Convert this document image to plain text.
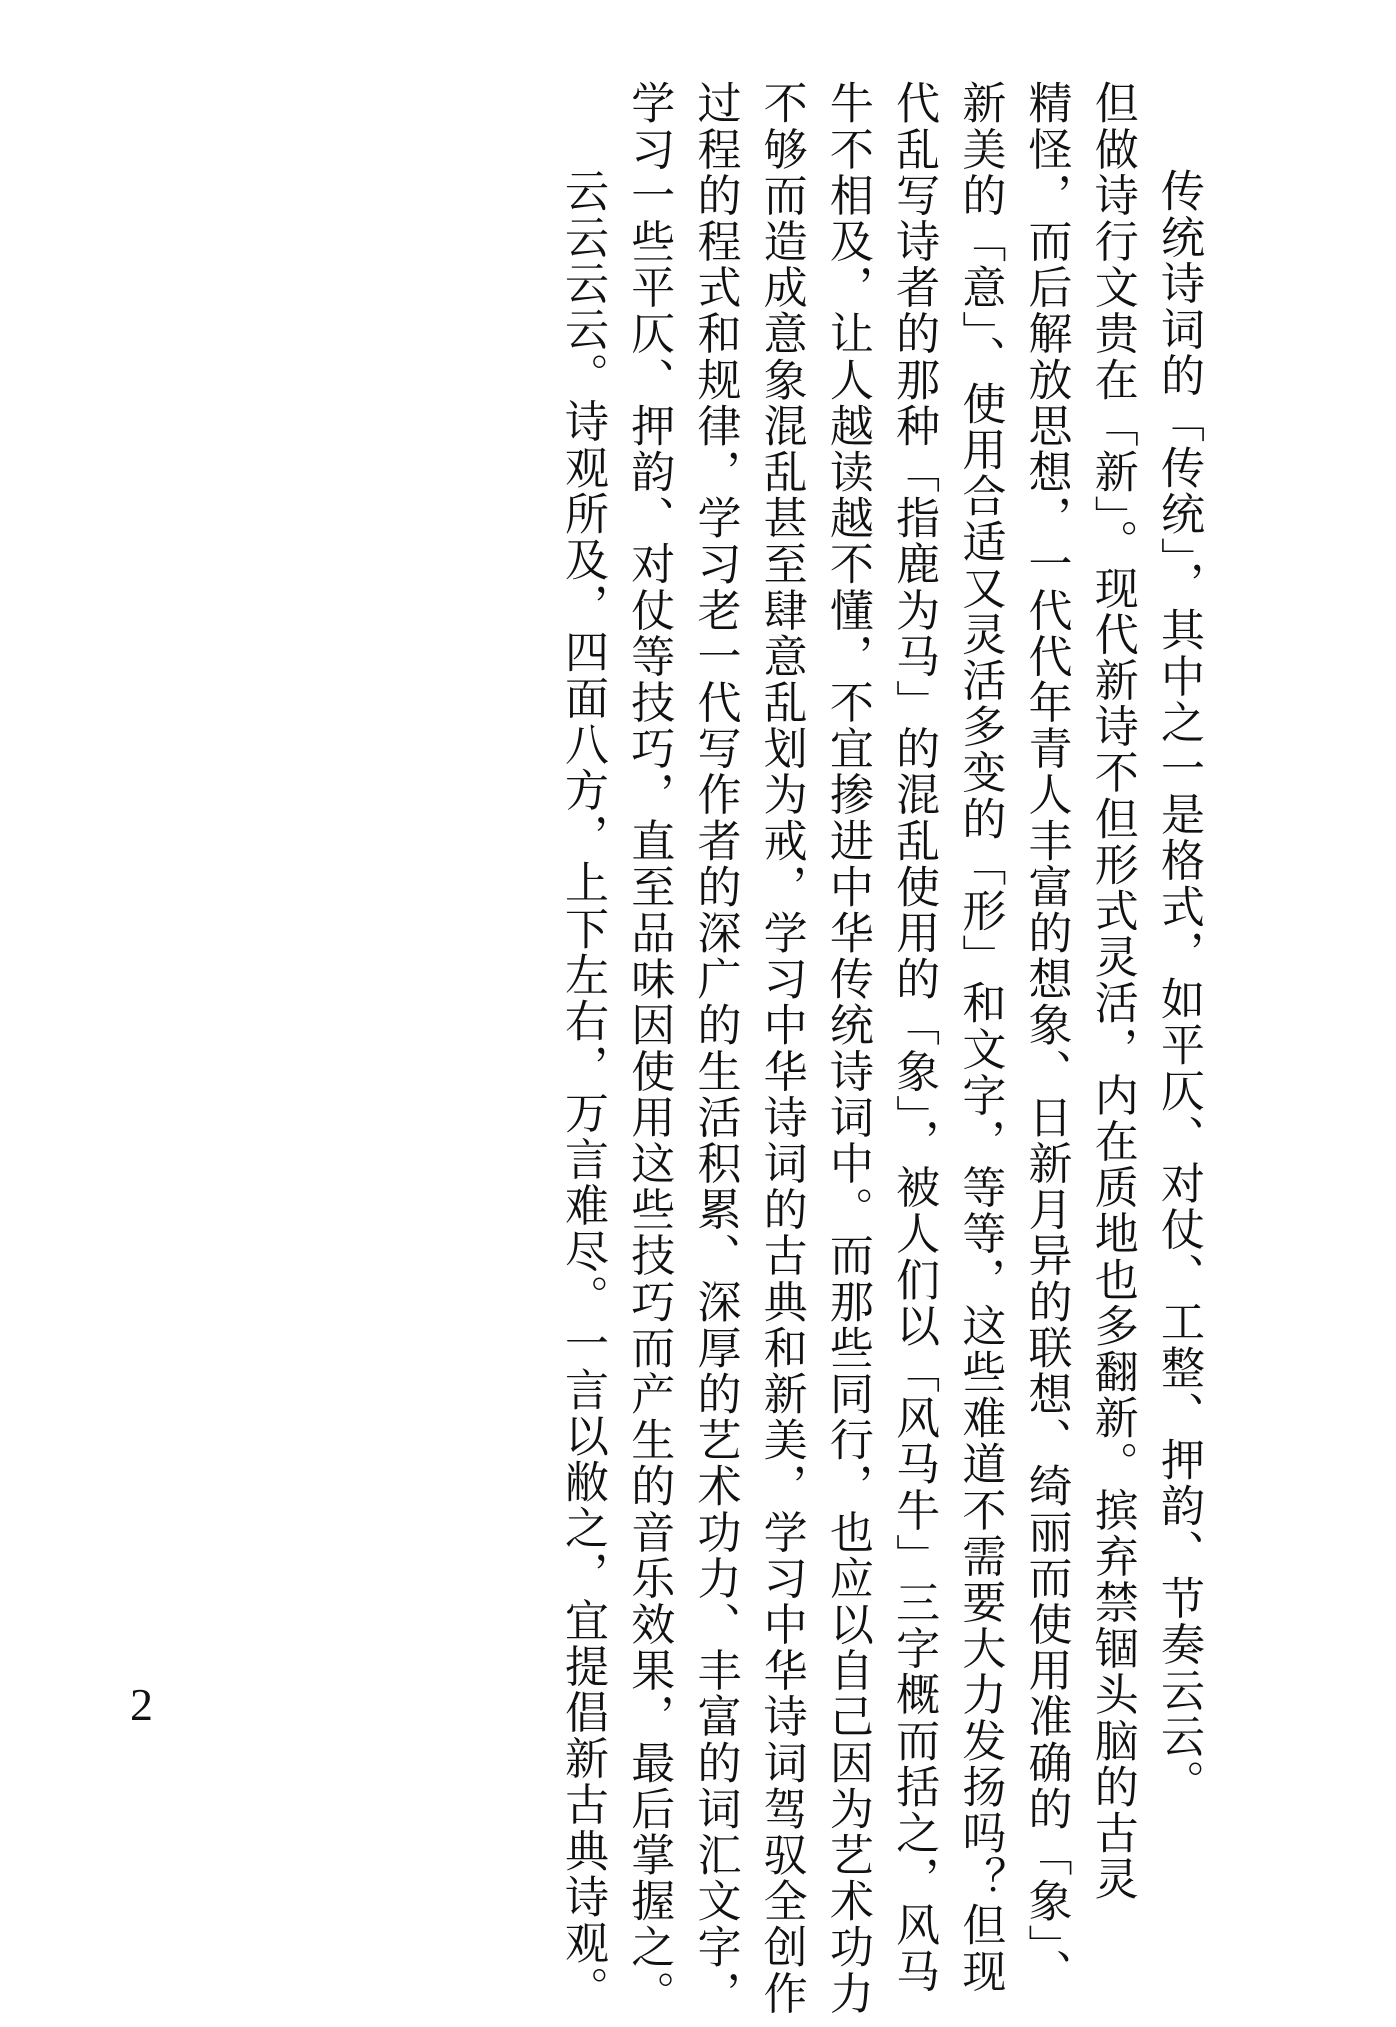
传统诗词的「传统」，其中之一是格式，如平仄、对仗、工整、押韵、节奏云云。
但做诗行文贵在「新」。现代新诗不但形式灵活，内在质地也多翻新。摈弃禁锢头脑的古灵
精怪，而后解放思想，一代代年青人丰富的想象、日新月异的联想、绮丽而使用准确的「象」、
新美的「意」、使用合适又灵活多变的「形」和文字，等等，这些难道不需要大力发扬吗？但现
代乱写诗者的那种「指鹿为马」的混乱使用的「象」，被人们以「风马牛」三字概而括之，风马
牛不相及，让人越读越不懂，不宜掺进中华传统诗词中。而那些同行，也应以自己因为艺术功力
不够而造成意象混乱甚至肆意乱划为戒，学习中华诗词的古典和新美，学习中华诗词驾驭全创作
过程的程式和规律，学习老一代写作者的深广的生活积累、深厚的艺术功力、丰富的词汇文字，
学习一些平仄、押韵、对仗等技巧，直至品味因使用这些技巧而产生的音乐效果，最后掌握之。
云云云云。诗观所及，四面八方，上下左右，万言难尽。一言以敝之，宜提倡新古典诗观。
2
